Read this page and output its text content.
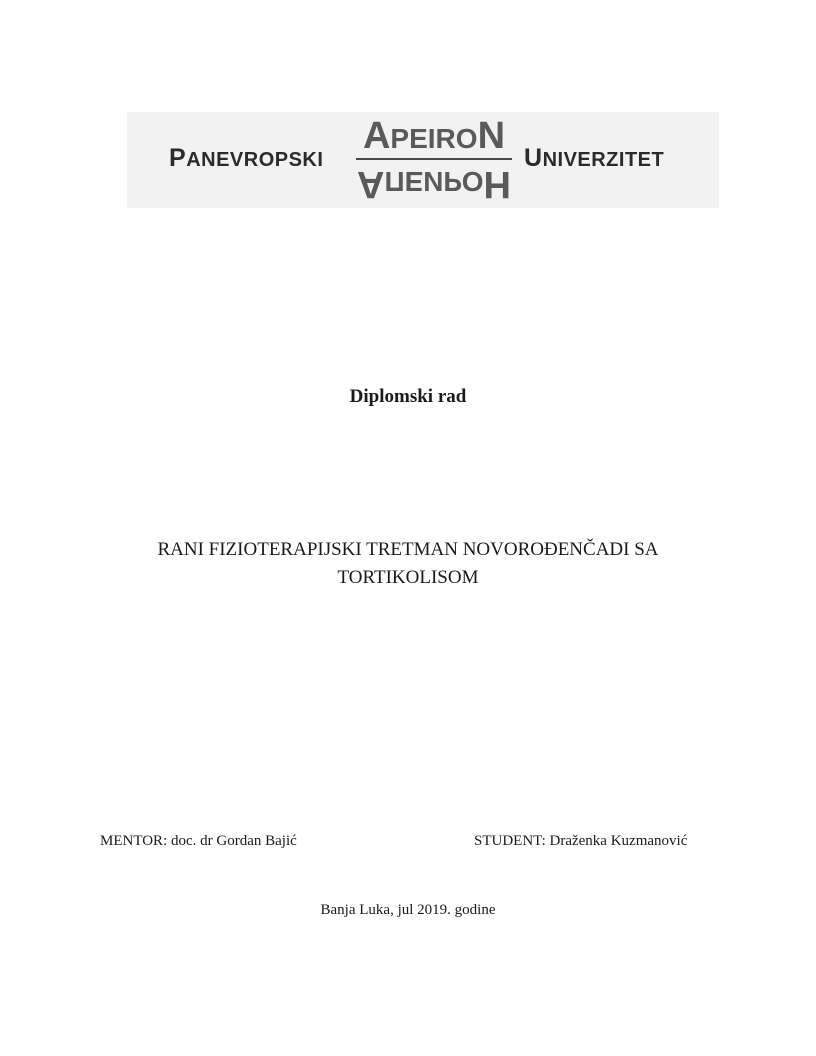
PANEVROPSKI
APEIRON
АПЕИРОН
UNIVERZITET
Diplomski rad
RANI FIZIOTERAPIJSKI TRETMAN NOVOROĐENČADI SA
TORTIKOLISOM
MENTOR: doc. dr Gordan Bajić	STUDENT: Draženka Kuzmanović
Banja Luka, jul 2019. godine
